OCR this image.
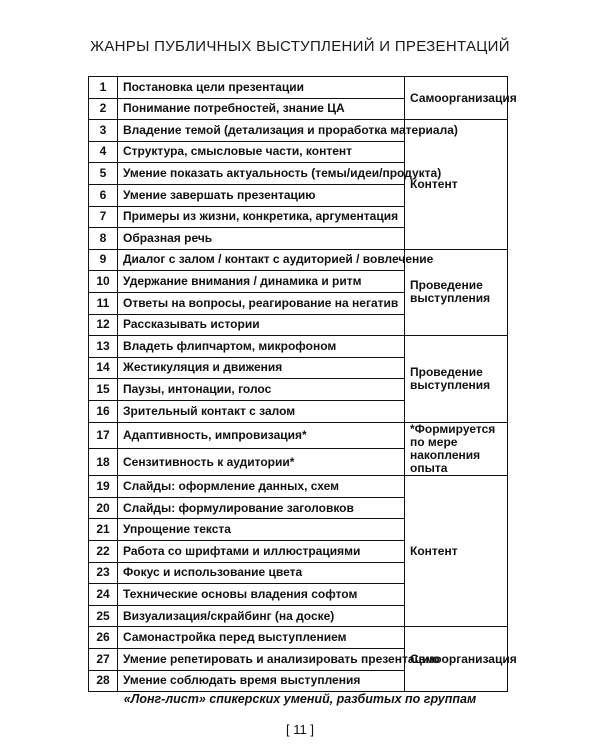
ЖАНРЫ ПУБЛИЧНЫХ ВЫСТУПЛЕНИЙ И ПРЕЗЕНТАЦИЙ
1	Постановка цели презентации	Самоорганизация
2	Понимание потребностей, знание ЦА	
3	Владение темой (детализация и проработка материала)	Контент
4	Структура, смысловые части, контент	
5	Умение показать актуальность (темы/идеи/продукта)	
6	Умение завершать презентацию	
7	Примеры из жизни, конкретика, аргументация	
8	Образная речь	
9	Диалог с залом / контакт с аудиторией / вовлечение	Проведение выступления
10	Удержание внимания / динамика и ритм	
11	Ответы на вопросы, реагирование на негатив	
12	Рассказывать истории	
13	Владеть флипчартом, микрофоном	Проведение выступления
14	Жестикуляция и движения	
15	Паузы, интонации, голос	
16	Зрительный контакт с залом	
17	Адаптивность, импровизация*	*Формируется по мере накопления опыта
18	Сензитивность к аудитории*	
19	Слайды: оформление данных, схем	Контент
20	Слайды: формулирование заголовков	
21	Упрощение текста	
22	Работа со шрифтами и иллюстрациями	
23	Фокус и использование цвета	
24	Технические основы владения софтом	
25	Визуализация/скрайбинг (на доске)	
26	Самонастройка перед выступлением	Самоорганизация
27	Умение репетировать и анализировать презентацию	
28	Умение соблюдать время выступления	
«Лонг-лист» спикерских умений, разбитых по группам
[ 11 ]
